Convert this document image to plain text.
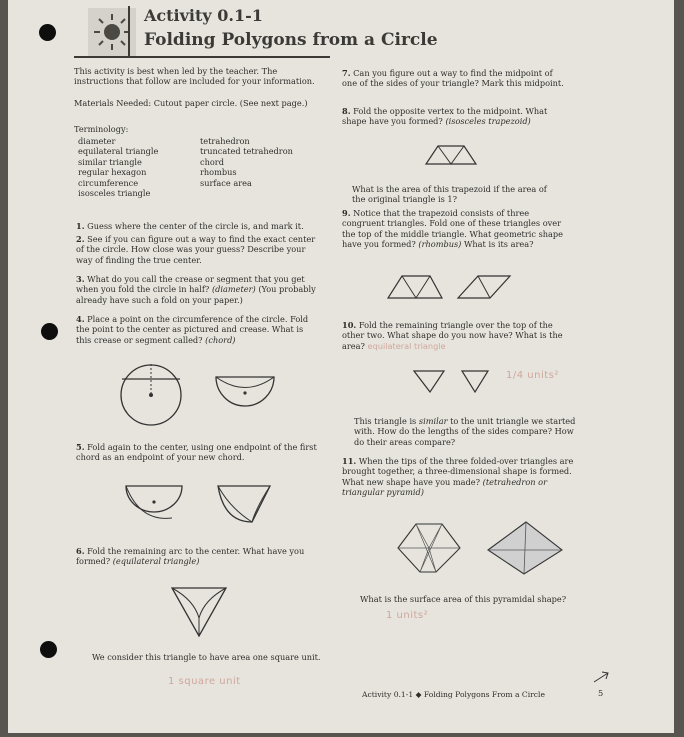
Activity 0.1-1
Folding Polygons from a Circle
This activity is best when led by the teacher. The instructions that follow are included for your information.
Materials Needed: Cutout paper circle. (See next page.)
Terminology:

diameter

equilateral triangle

similar triangle

regular hexagon

circumference

isosceles triangle

tetrahedron

truncated tetrahedron

chord

rhombus

surface area

1. Guess where the center of the circle is, and mark it.
2. See if you can figure out a way to find the exact center of the circle. How close was your guess? Describe your way of finding the true center.
3. What do you call the crease or segment that you get when you fold the circle in half? (diameter) (You probably already have such a fold on your paper.)
4. Place a point on the circumference of the circle. Fold the point to the center as pictured and crease. What is this crease or segment called? (chord)
5. Fold again to the center, using one endpoint of the first chord as an endpoint of your new chord.
6. Fold the remaining arc to the center. What have you formed? (equilateral triangle)
We consider this triangle to have area one square unit.
1 square unit
7. Can you figure out a way to find the midpoint of one of the sides of your triangle? Mark this midpoint.
8. Fold the opposite vertex to the midpoint. What shape have you formed? (isosceles trapezoid)
What is the area of this trapezoid if the area of the original triangle is 1?
9. Notice that the trapezoid consists of three congruent triangles. Fold one of these triangles over the top of the middle triangle. What geometric shape have you formed? (rhombus) What is its area?
10. Fold the remaining triangle over the top of the other two. What shape do you now have? What is the area? equilateral triangle
1/4 units²
This triangle is similar to the unit triangle we started with. How do the lengths of the sides compare? How do their areas compare?
11. When the tips of the three folded-over triangles are brought together, a three-dimensional shape is formed. What new shape have you made? (tetrahedron or triangular pyramid)
What is the surface area of this pyramidal shape?
1 units²
Activity 0.1-1 ◆ Folding Polygons From a Circle	5
